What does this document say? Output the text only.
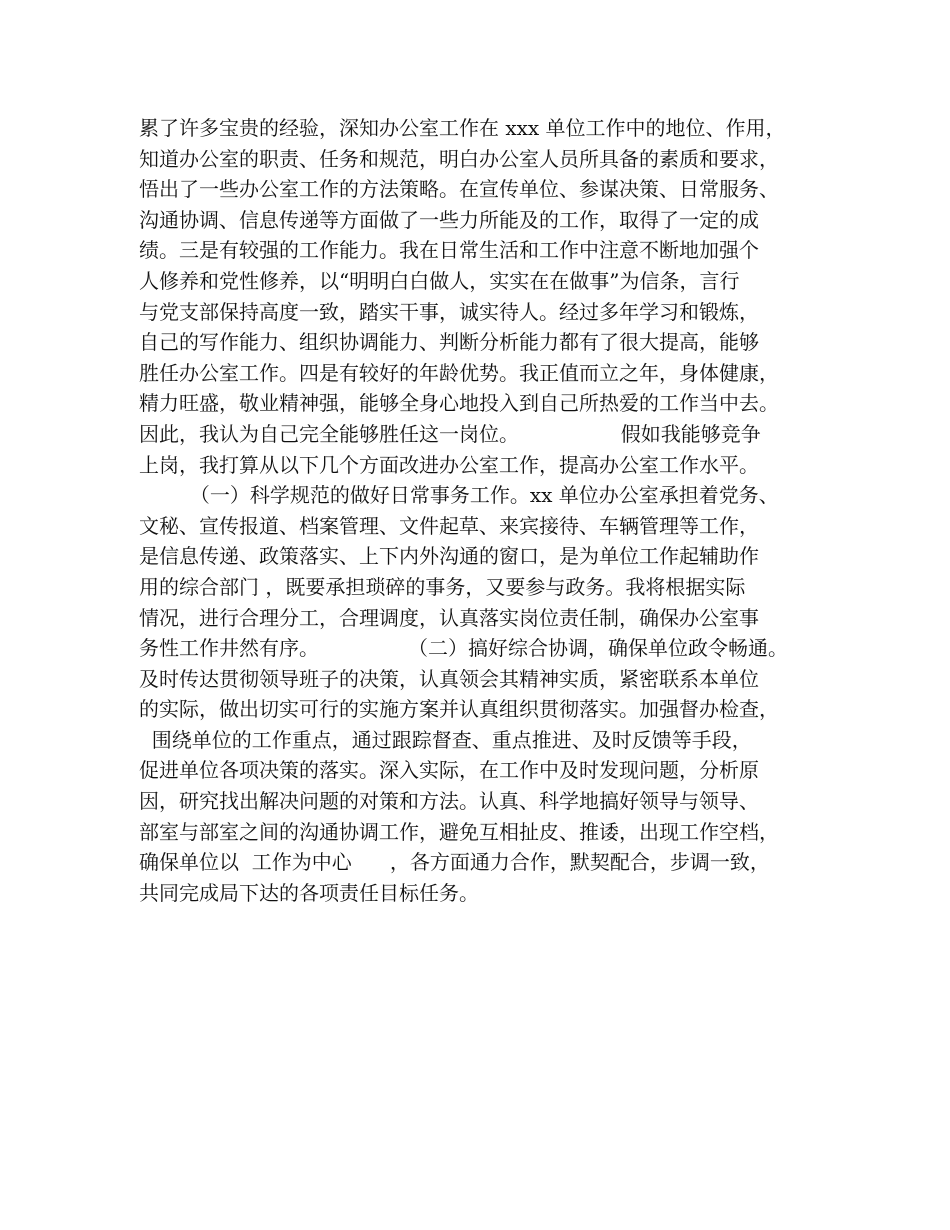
累了许多宝贵的经验，深知办公室工作在 xxx 单位工作中的地位、作用，
知道办公室的职责、任务和规范，明白办公室人员所具备的素质和要求，
悟出了一些办公室工作的方法策略。在宣传单位、参谋决策、日常服务、
沟通协调、信息传递等方面做了一些力所能及的工作，取得了一定的成
绩。三是有较强的工作能力。我在日常生活和工作中注意不断地加强个
人修养和党性修养，以“明明白白做人，实实在在做事”为信条，言行
与党支部保持高度一致，踏实干事，诚实待人。经过多年学习和锻炼，
自己的写作能力、组织协调能力、判断分析能力都有了很大提高，能够
胜任办公室工作。四是有较好的年龄优势。我正值而立之年，身体健康，
精力旺盛，敬业精神强，能够全身心地投入到自己所热爱的工作当中去。
因此，我认为自己完全能够胜任这一岗位。                假如我能够竞争
上岗，我打算从以下几个方面改进办公室工作，提高办公室工作水平。
（一）科学规范的做好日常事务工作。xx 单位办公室承担着党务、
文秘、宣传报道、档案管理、文件起草、来宾接待、车辆管理等工作，
是信息传递、政策落实、上下内外沟通的窗口，是为单位工作起辅助作
用的综合部门 ，既要承担琐碎的事务，又要参与政务。我将根据实际
情况，进行合理分工，合理调度，认真落实岗位责任制，确保办公室事
务性工作井然有序。              （二）搞好综合协调，确保单位政令畅通。
及时传达贯彻领导班子的决策，认真领会其精神实质，紧密联系本单位
的实际，做出切实可行的实施方案并认真组织贯彻落实。加强督办检查，
围绕单位的工作重点，通过跟踪督查、重点推进、及时反馈等手段，
促进单位各项决策的落实。深入实际，在工作中及时发现问题，分析原
因，研究找出解决问题的对策和方法。认真、科学地搞好领导与领导、
部室与部室之间的沟通协调工作，避免互相扯皮、推诿，出现工作空档，
确保单位以  工作为中心      ，各方面通力合作，默契配合，步调一致，
共同完成局下达的各项责任目标任务。
